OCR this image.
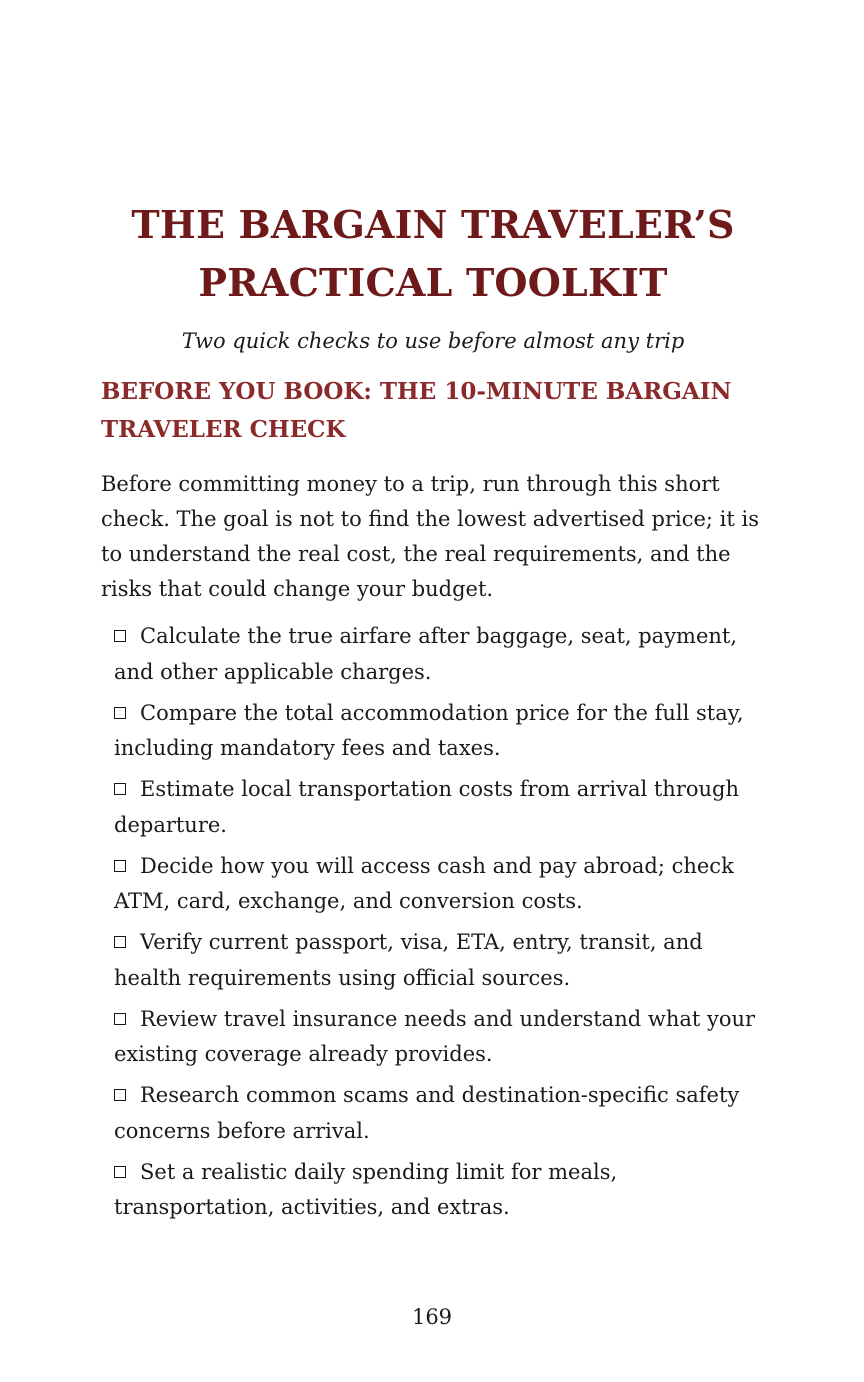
THE BARGAIN TRAVELER’S
PRACTICAL TOOLKIT

Two quick checks to use before almost any trip

BEFORE YOU BOOK: THE 10-MINUTE BARGAIN
TRAVELER CHECK

Before committing money to a trip, run through this short check. The goal is not to find the lowest advertised price; it is to understand the real cost, the real requirements, and the risks that could change your budget.

Calculate the true airfare after baggage, seat, payment, and other applicable charges.
Compare the total accommodation price for the full stay, including mandatory fees and taxes.
Estimate local transportation costs from arrival through departure.
Decide how you will access cash and pay abroad; check ATM, card, exchange, and conversion costs.
Verify current passport, visa, ETA, entry, transit, and health requirements using official sources.
Review travel insurance needs and understand what your existing coverage already provides.
Research common scams and destination-specific safety concerns before arrival.
Set a realistic daily spending limit for meals, transportation, activities, and extras.
169
